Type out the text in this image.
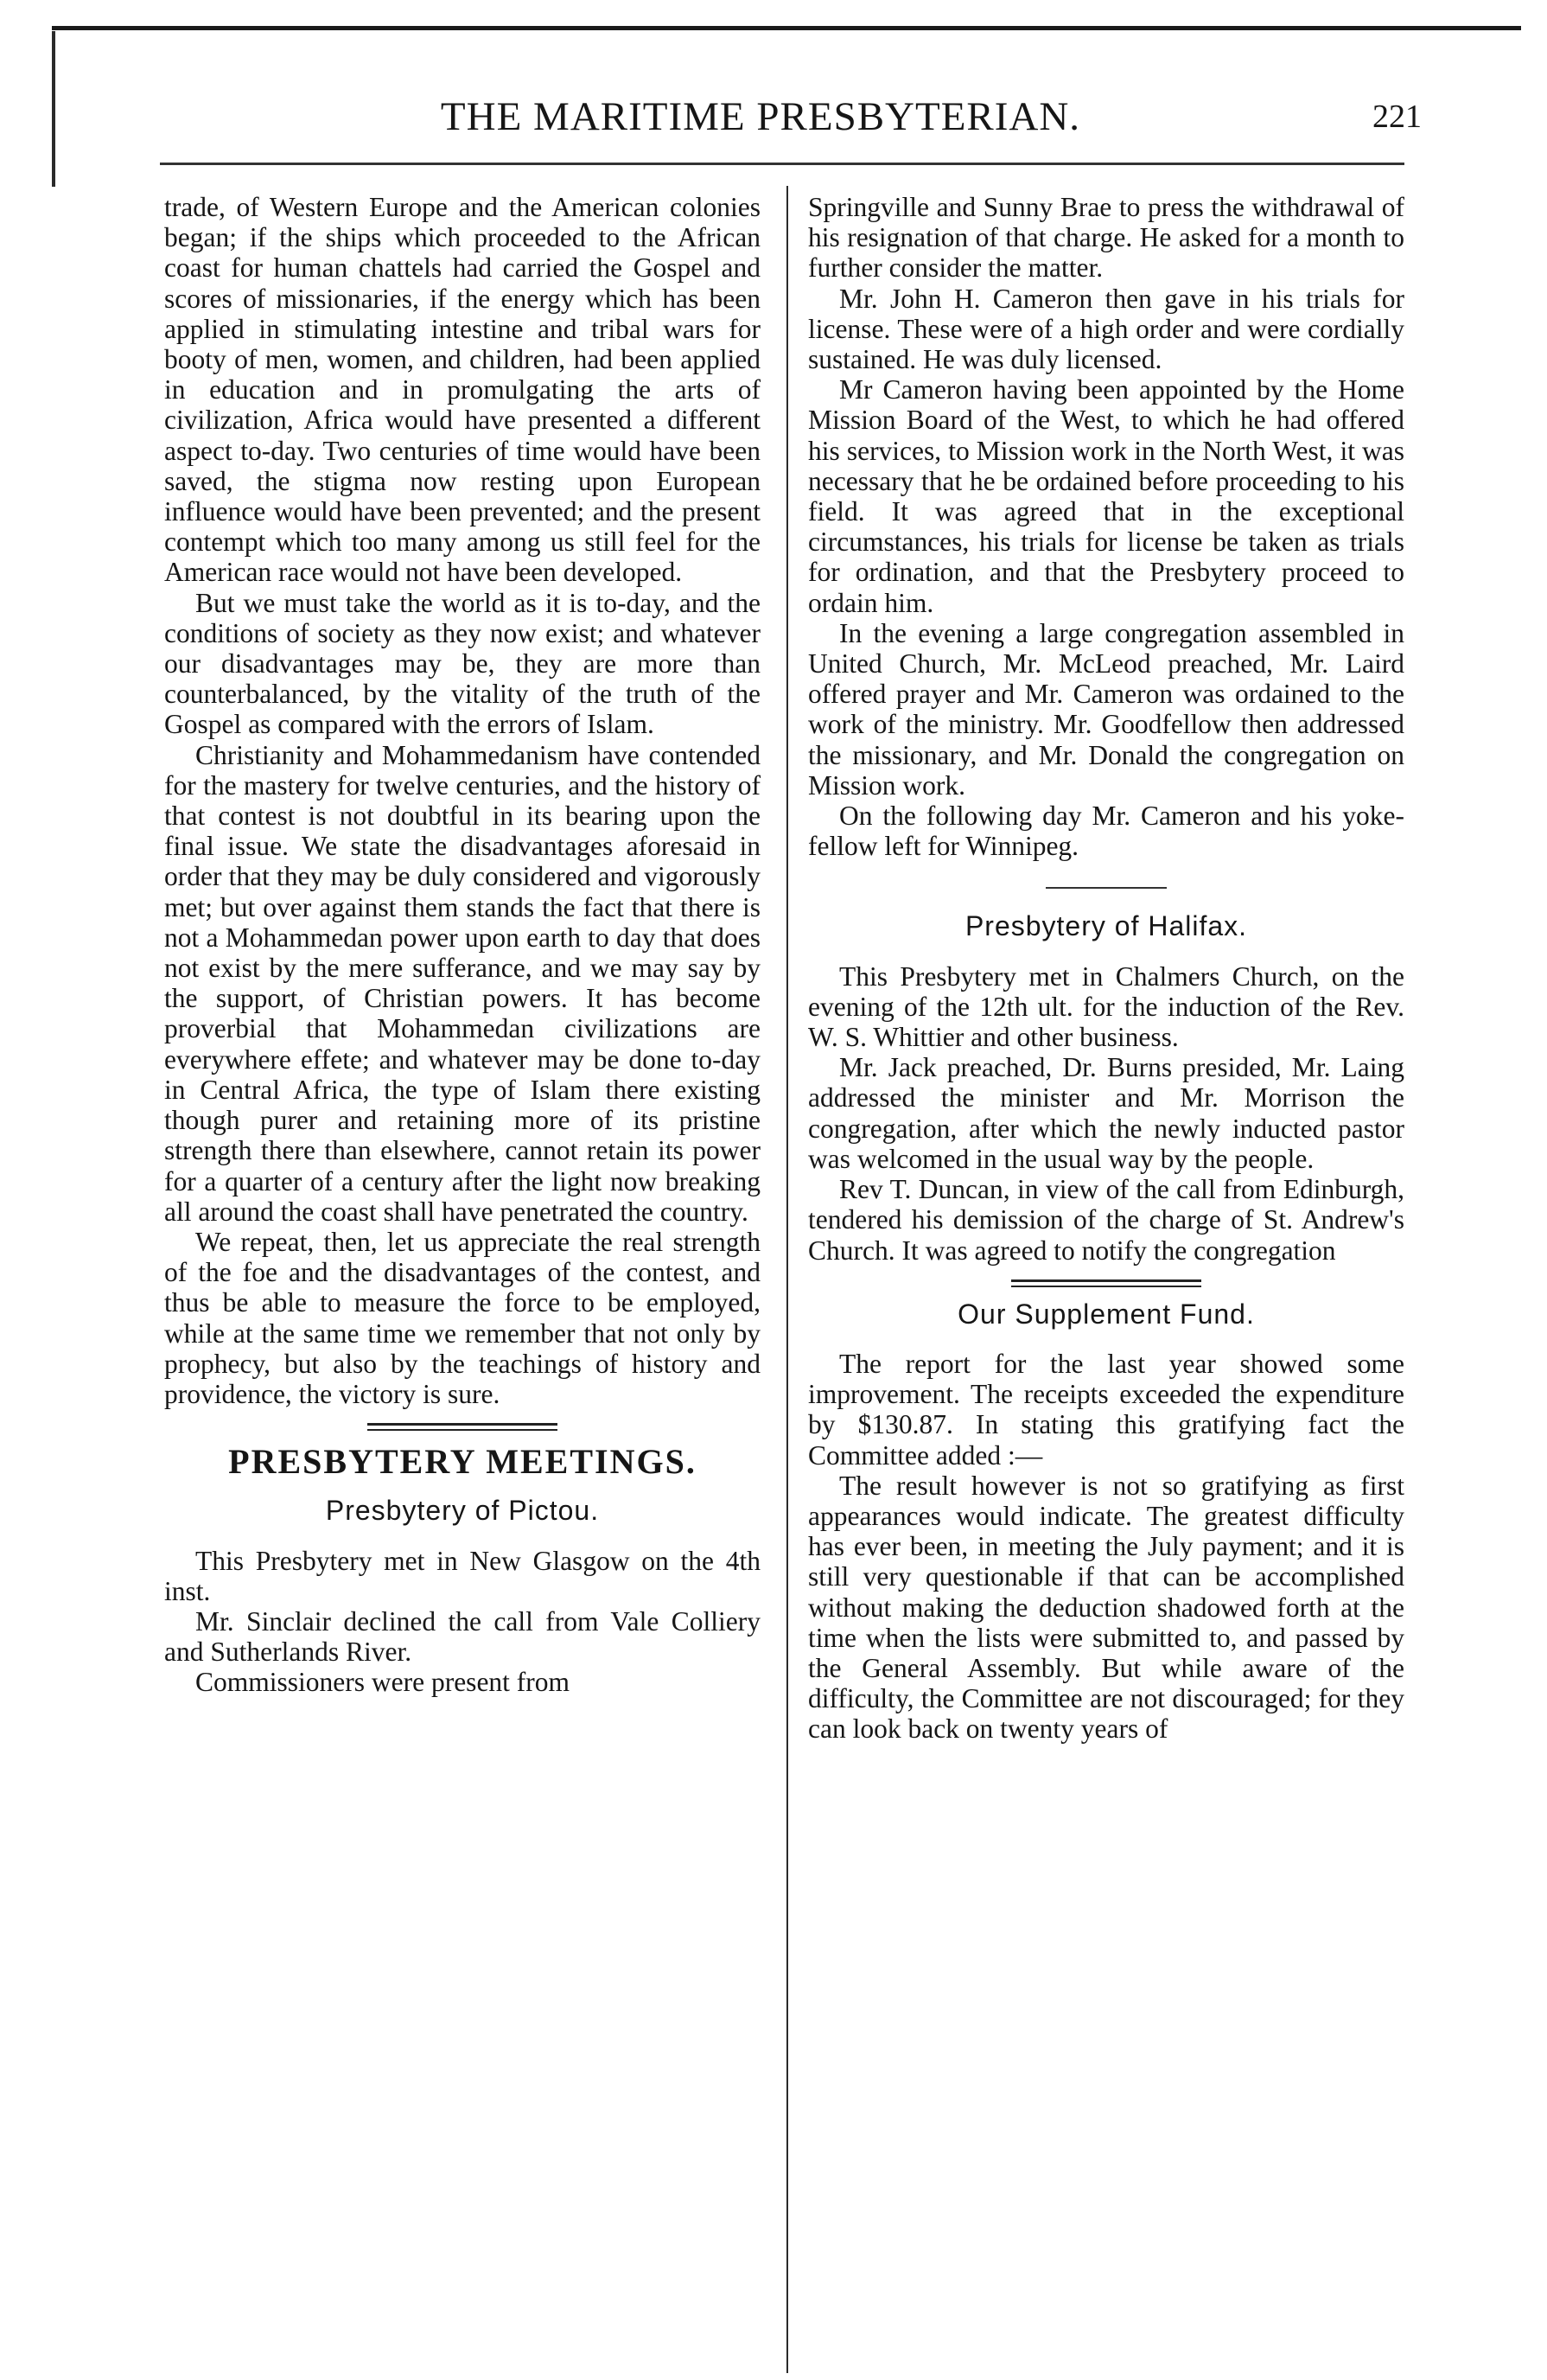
THE MARITIME PRESBYTERIAN.	221

trade, of Western Europe and the American colonies began; if the ships which proceeded to the African coast for human chattels had carried the Gospel and scores of missionaries, if the energy which has been applied in stimulating intestine and tribal wars for booty of men, women, and children, had been applied in education and in promulgating the arts of civilization, Africa would have presented a different aspect to-day. Two centuries of time would have been saved, the stigma now resting upon European influence would have been prevented; and the present contempt which too many among us still feel for the American race would not have been developed.

But we must take the world as it is to-day, and the conditions of society as they now exist; and whatever our disadvantages may be, they are more than counterbalanced, by the vitality of the truth of the Gospel as compared with the errors of Islam.

Christianity and Mohammedanism have contended for the mastery for twelve centuries, and the history of that contest is not doubtful in its bearing upon the final issue. We state the disadvantages aforesaid in order that they may be duly considered and vigorously met; but over against them stands the fact that there is not a Mohammedan power upon earth to day that does not exist by the mere sufferance, and we may say by the support, of Christian powers. It has become proverbial that Mohammedan civilizations are everywhere effete; and whatever may be done to-day in Central Africa, the type of Islam there existing though purer and retaining more of its pristine strength there than elsewhere, cannot retain its power for a quarter of a century after the light now breaking all around the coast shall have penetrated the country.

We repeat, then, let us appreciate the real strength of the foe and the disadvantages of the contest, and thus be able to measure the force to be employed, while at the same time we remember that not only by prophecy, but also by the teachings of history and providence, the victory is sure.

PRESBYTERY MEETINGS.
Presbytery of Pictou.

This Presbytery met in New Glasgow on the 4th inst.

Mr. Sinclair declined the call from Vale Colliery and Sutherlands River.

Commissioners were present from

Springville and Sunny Brae to press the withdrawal of his resignation of that charge. He asked for a month to further consider the matter.

Mr. John H. Cameron then gave in his trials for license. These were of a high order and were cordially sustained. He was duly licensed.

Mr Cameron having been appointed by the Home Mission Board of the West, to which he had offered his services, to Mission work in the North West, it was necessary that he be ordained before proceeding to his field. It was agreed that in the exceptional circumstances, his trials for license be taken as trials for ordination, and that the Presbytery proceed to ordain him.

In the evening a large congregation assembled in United Church, Mr. McLeod preached, Mr. Laird offered prayer and Mr. Cameron was ordained to the work of the ministry. Mr. Goodfellow then addressed the missionary, and Mr. Donald the congregation on Mission work.

On the following day Mr. Cameron and his yoke-fellow left for Winnipeg.

Presbytery of Halifax.

This Presbytery met in Chalmers Church, on the evening of the 12th ult. for the induction of the Rev. W. S. Whittier and other business.

Mr. Jack preached, Dr. Burns presided, Mr. Laing addressed the minister and Mr. Morrison the congregation, after which the newly inducted pastor was welcomed in the usual way by the people.

Rev T. Duncan, in view of the call from Edinburgh, tendered his demission of the charge of St. Andrew's Church. It was agreed to notify the congregation

Our Supplement Fund.

The report for the last year showed some improvement. The receipts exceeded the expenditure by $130.87. In stating this gratifying fact the Committee added :—

The result however is not so gratifying as first appearances would indicate. The greatest difficulty has ever been, in meeting the July payment; and it is still very questionable if that can be accomplished without making the deduction shadowed forth at the time when the lists were submitted to, and passed by the General Assembly. But while aware of the difficulty, the Committee are not discouraged; for they can look back on twenty years of
